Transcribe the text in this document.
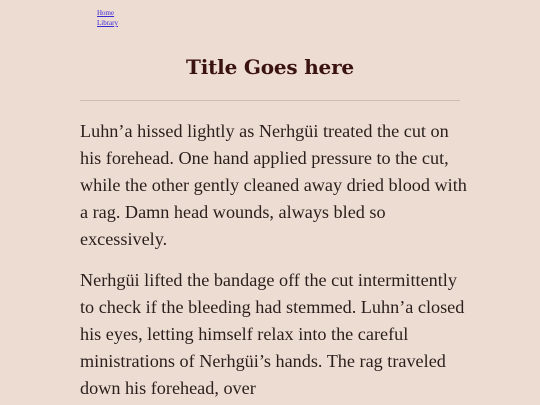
Home
Library
Title Goes here

Luhn’a hissed lightly as Nerhgüi treated the cut on his forehead. One hand applied pressure to the cut, while the other gently cleaned away dried blood with a rag. Damn head wounds, always bled so excessively.

Nerhgüi lifted the bandage off the cut intermittently to check if the bleeding had stemmed. Luhn’a closed his eyes, letting himself relax into the careful ministrations of Nerhgüi’s hands. The rag traveled down his forehead, over
